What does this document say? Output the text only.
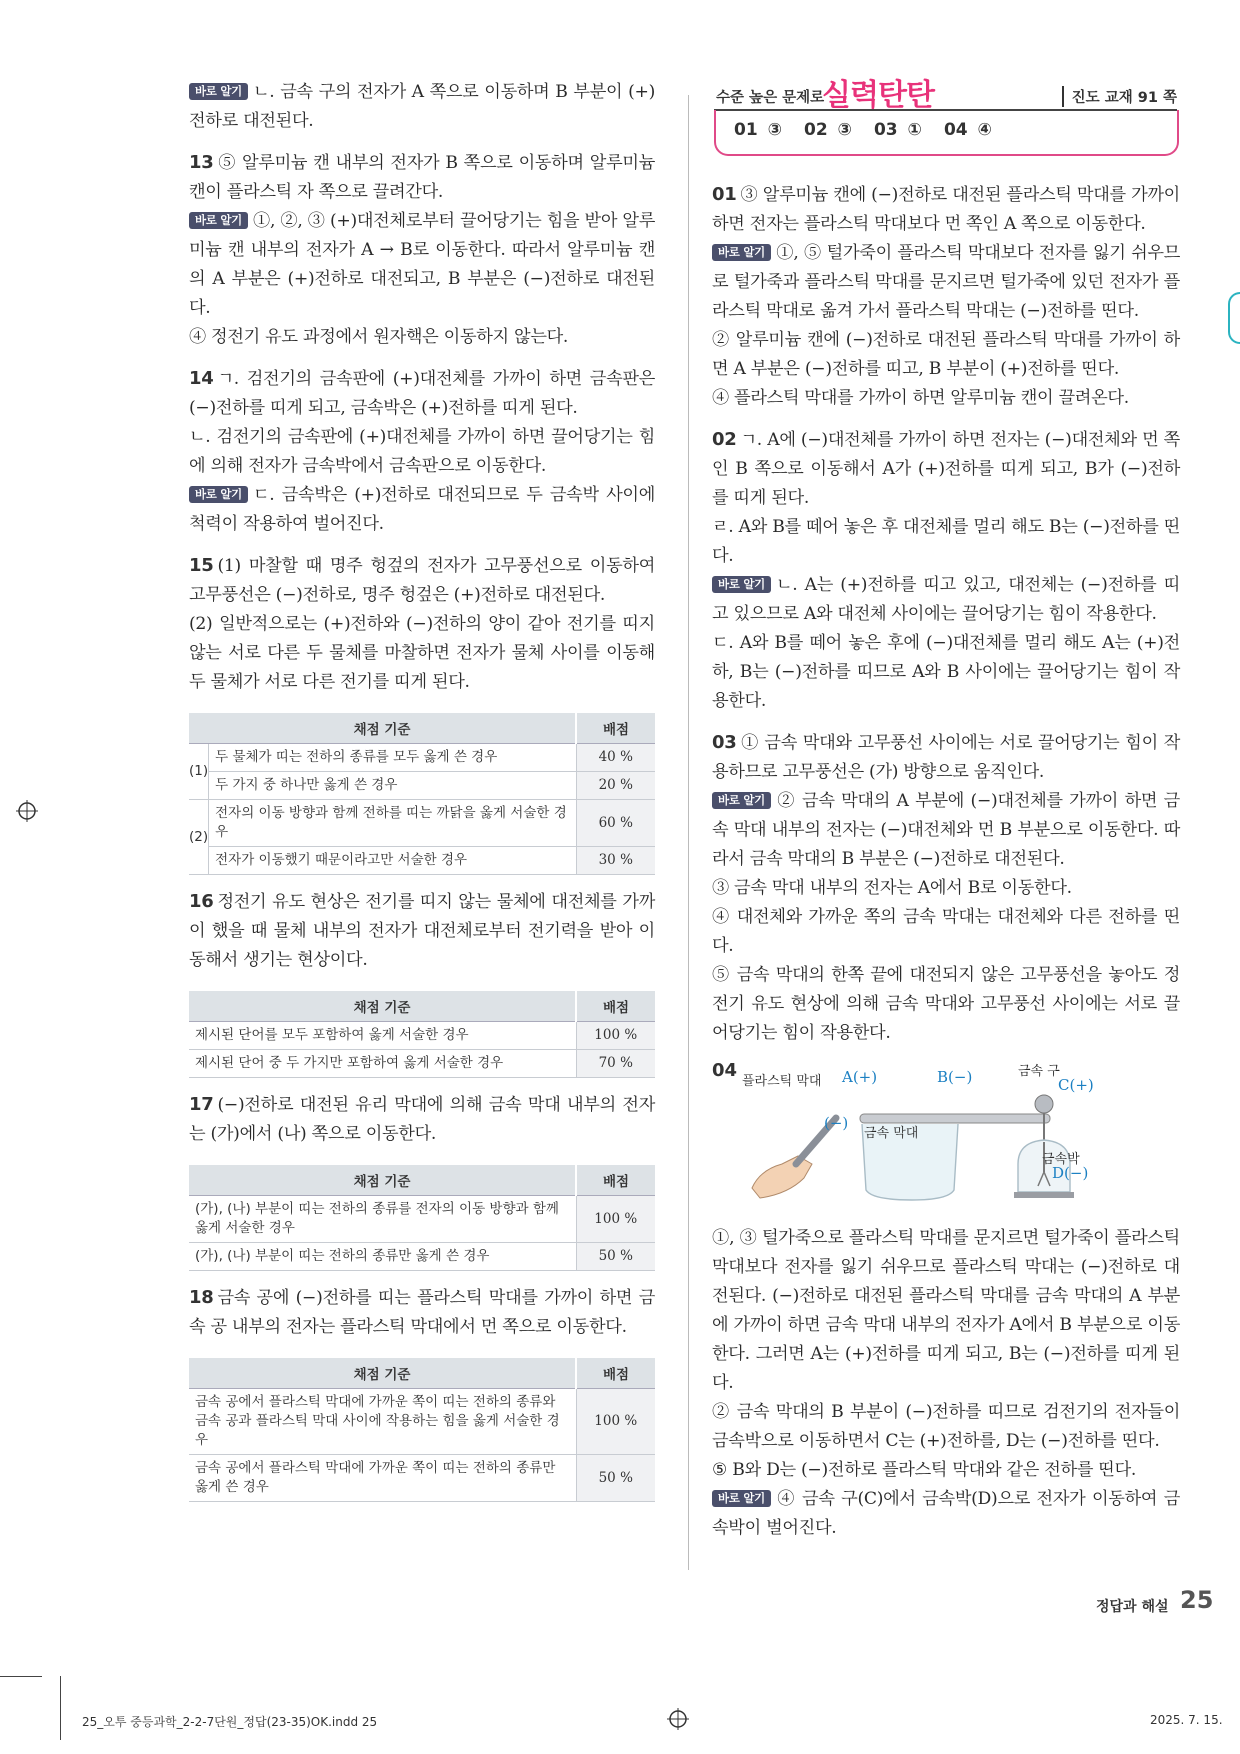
바로 알기 ㄴ. 금속 구의 전자가 A 쪽으로 이동하며 B 부분이 (+)전하로 대전된다.

13 ⑤ 알루미늄 캔 내부의 전자가 B 쪽으로 이동하며 알루미늄 캔이 플라스틱 자 쪽으로 끌려간다.

바로 알기 ①, ②, ③ (+)대전체로부터 끌어당기는 힘을 받아 알루미늄 캔 내부의 전자가 A → B로 이동한다. 따라서 알루미늄 캔의 A 부분은 (+)전하로 대전되고, B 부분은 (−)전하로 대전된다.

④ 정전기 유도 과정에서 원자핵은 이동하지 않는다.

14 ㄱ. 검전기의 금속판에 (+)대전체를 가까이 하면 금속판은 (−)전하를 띠게 되고, 금속박은 (+)전하를 띠게 된다.

ㄴ. 검전기의 금속판에 (+)대전체를 가까이 하면 끌어당기는 힘에 의해 전자가 금속박에서 금속판으로 이동한다.

바로 알기 ㄷ. 금속박은 (+)전하로 대전되므로 두 금속박 사이에 척력이 작용하여 벌어진다.

15 (1) 마찰할 때 명주 헝겊의 전자가 고무풍선으로 이동하여 고무풍선은 (−)전하로, 명주 헝겊은 (+)전하로 대전된다.

(2) 일반적으로는 (+)전하와 (−)전하의 양이 같아 전기를 띠지 않는 서로 다른 두 물체를 마찰하면 전자가 물체 사이를 이동해 두 물체가 서로 다른 전기를 띠게 된다.

채점 기준		배점
(1)	두 물체가 띠는 전하의 종류를 모두 옳게 쓴 경우	40 %
	두 가지 중 하나만 옳게 쓴 경우	20 %
(2)	전자의 이동 방향과 함께 전하를 띠는 까닭을 옳게 서술한 경우	60 %
	전자가 이동했기 때문이라고만 서술한 경우	30 %

16 정전기 유도 현상은 전기를 띠지 않는 물체에 대전체를 가까이 했을 때 물체 내부의 전자가 대전체로부터 전기력을 받아 이동해서 생기는 현상이다.

채점 기준	배점
제시된 단어를 모두 포함하여 옳게 서술한 경우	100 %
제시된 단어 중 두 가지만 포함하여 옳게 서술한 경우	70 %

17 (−)전하로 대전된 유리 막대에 의해 금속 막대 내부의 전자는 (가)에서 (나) 쪽으로 이동한다.

채점 기준	배점
(가), (나) 부분이 띠는 전하의 종류를 전자의 이동 방향과 함께 옳게 서술한 경우	100 %
(가), (나) 부분이 띠는 전하의 종류만 옳게 쓴 경우	50 %

18 금속 공에 (−)전하를 띠는 플라스틱 막대를 가까이 하면 금속 공 내부의 전자는 플라스틱 막대에서 먼 쪽으로 이동한다.

채점 기준	배점
금속 공에서 플라스틱 막대에 가까운 쪽이 띠는 전하의 종류와 금속 공과 플라스틱 막대 사이에 작용하는 힘을 옳게 서술한 경우	100 %
금속 공에서 플라스틱 막대에 가까운 쪽이 띠는 전하의 종류만 옳게 쓴 경우	50 %
수준 높은 문제로
실력탄탄	진도 교재 91 쪽
01 ③ 02 ③ 03 ① 04 ④

01 ③ 알루미늄 캔에 (−)전하로 대전된 플라스틱 막대를 가까이 하면 전자는 플라스틱 막대보다 먼 쪽인 A 쪽으로 이동한다.

바로 알기 ①, ⑤ 털가죽이 플라스틱 막대보다 전자를 잃기 쉬우므로 털가죽과 플라스틱 막대를 문지르면 털가죽에 있던 전자가 플라스틱 막대로 옮겨 가서 플라스틱 막대는 (−)전하를 띤다.

② 알루미늄 캔에 (−)전하로 대전된 플라스틱 막대를 가까이 하면 A 부분은 (−)전하를 띠고, B 부분이 (+)전하를 띤다.

④ 플라스틱 막대를 가까이 하면 알루미늄 캔이 끌려온다.

02 ㄱ. A에 (−)대전체를 가까이 하면 전자는 (−)대전체와 먼 쪽인 B 쪽으로 이동해서 A가 (+)전하를 띠게 되고, B가 (−)전하를 띠게 된다.

ㄹ. A와 B를 떼어 놓은 후 대전체를 멀리 해도 B는 (−)전하를 띤다.

바로 알기 ㄴ. A는 (+)전하를 띠고 있고, 대전체는 (−)전하를 띠고 있으므로 A와 대전체 사이에는 끌어당기는 힘이 작용한다.

ㄷ. A와 B를 떼어 놓은 후에 (−)대전체를 멀리 해도 A는 (+)전하, B는 (−)전하를 띠므로 A와 B 사이에는 끌어당기는 힘이 작용한다.

03 ① 금속 막대와 고무풍선 사이에는 서로 끌어당기는 힘이 작용하므로 고무풍선은 (가) 방향으로 움직인다.

바로 알기 ② 금속 막대의 A 부분에 (−)대전체를 가까이 하면 금속 막대 내부의 전자는 (−)대전체와 먼 B 부분으로 이동한다. 따라서 금속 막대의 B 부분은 (−)전하로 대전된다.

③ 금속 막대 내부의 전자는 A에서 B로 이동한다.

④ 대전체와 가까운 쪽의 금속 막대는 대전체와 다른 전하를 띤다.

⑤ 금속 막대의 한쪽 끝에 대전되지 않은 고무풍선을 놓아도 정전기 유도 현상에 의해 금속 막대와 고무풍선 사이에는 서로 끌어당기는 힘이 작용한다.

04
플라스틱 막대 A(+)	B(−)
(−)
금속 막대
금속 구
C(+)
금속박
D(−)

①, ③ 털가죽으로 플라스틱 막대를 문지르면 털가죽이 플라스틱 막대보다 전자를 잃기 쉬우므로 플라스틱 막대는 (−)전하로 대전된다. (−)전하로 대전된 플라스틱 막대를 금속 막대의 A 부분에 가까이 하면 금속 막대 내부의 전자가 A에서 B 부분으로 이동한다. 그러면 A는 (+)전하를 띠게 되고, B는 (−)전하를 띠게 된다.

② 금속 막대의 B 부분이 (−)전하를 띠므로 검전기의 전자들이 금속박으로 이동하면서 C는 (+)전하를, D는 (−)전하를 띤다.

⑤ B와 D는 (−)전하로 플라스틱 막대와 같은 전하를 띤다.

바로 알기 ④ 금속 구(C)에서 금속박(D)으로 전자가 이동하여 금속박이 벌어진다.

정답과 해설 25
25_오투 중등과학_2-2-7단원_정답(23-35)OK.indd 25	2025. 7. 15.
